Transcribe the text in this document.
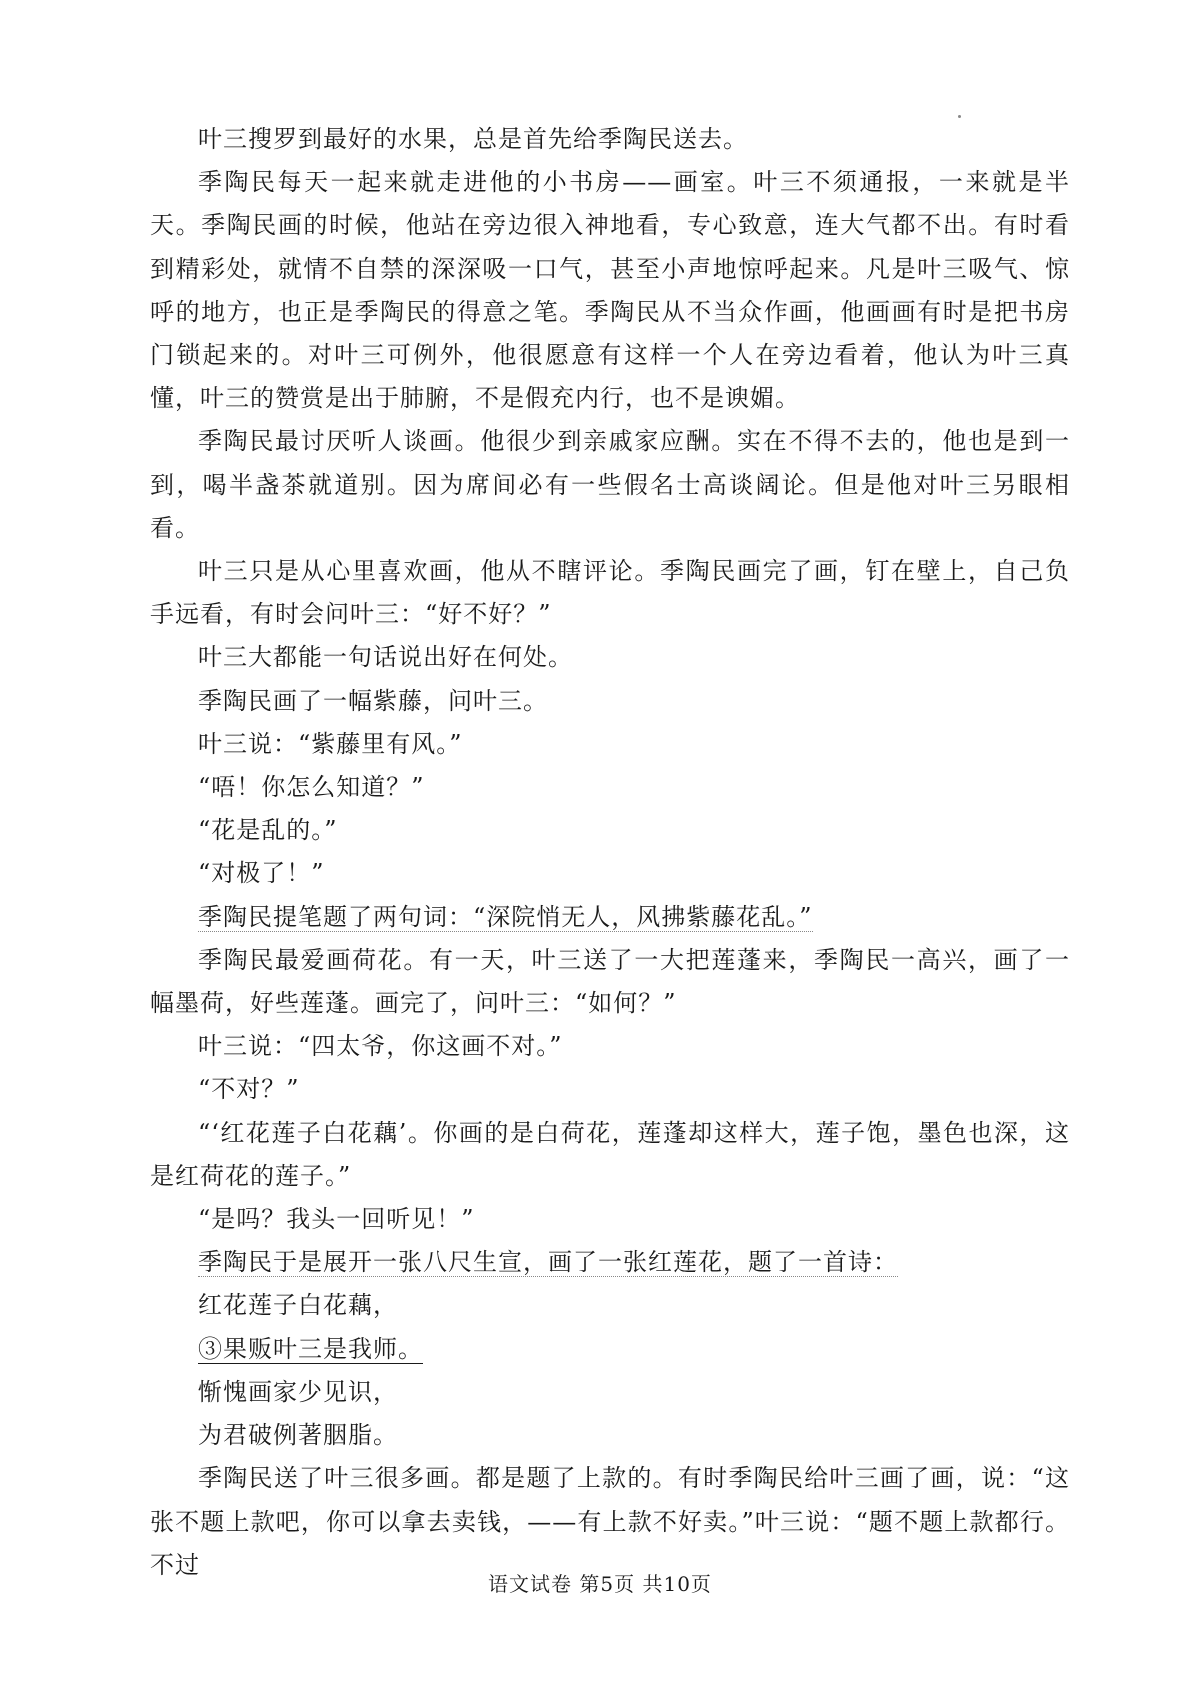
叶三搜罗到最好的水果，总是首先给季陶民送去。

季陶民每天一起来就走进他的小书房——画室。叶三不须通报，一来就是半天。季陶民画的时候，他站在旁边很入神地看，专心致意，连大气都不出。有时看到精彩处，就情不自禁的深深吸一口气，甚至小声地惊呼起来。凡是叶三吸气、惊呼的地方，也正是季陶民的得意之笔。季陶民从不当众作画，他画画有时是把书房门锁起来的。对叶三可例外，他很愿意有这样一个人在旁边看着，他认为叶三真懂，叶三的赞赏是出于肺腑，不是假充内行，也不是谀媚。

季陶民最讨厌听人谈画。他很少到亲戚家应酬。实在不得不去的，他也是到一到，喝半盏茶就道别。因为席间必有一些假名士高谈阔论。但是他对叶三另眼相看。

叶三只是从心里喜欢画，他从不瞎评论。季陶民画完了画，钉在壁上，自己负手远看，有时会问叶三：“好不好？”

叶三大都能一句话说出好在何处。

季陶民画了一幅紫藤，问叶三。

叶三说：“紫藤里有风。”

“唔！你怎么知道？”

“花是乱的。”

“对极了！”

季陶民提笔题了两句词：“深院悄无人，风拂紫藤花乱。”

季陶民最爱画荷花。有一天，叶三送了一大把莲蓬来，季陶民一高兴，画了一幅墨荷，好些莲蓬。画完了，问叶三：“如何？”

叶三说：“四太爷，你这画不对。”

“不对？”

“‘红花莲子白花藕’。你画的是白荷花，莲蓬却这样大，莲子饱，墨色也深，这是红荷花的莲子。”

“是吗？我头一回听见！”

季陶民于是展开一张八尺生宣，画了一张红莲花，题了一首诗：

红花莲子白花藕，

③果贩叶三是我师。

惭愧画家少见识，

为君破例著胭脂。

季陶民送了叶三很多画。都是题了上款的。有时季陶民给叶三画了画，说：“这张不题上款吧，你可以拿去卖钱，——有上款不好卖。”叶三说：“题不题上款都行。不过

语文试卷 第5页 共10页
